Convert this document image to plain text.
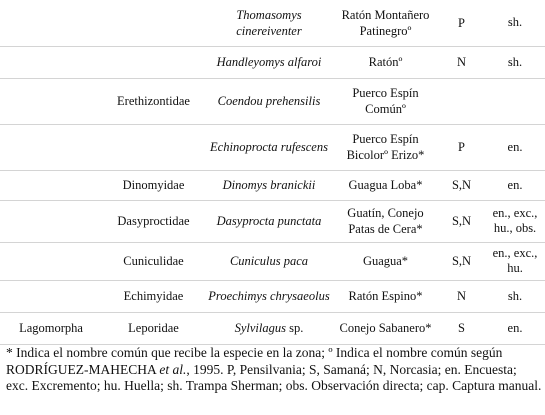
		Thomasomys
cinereiventer	Ratón Montañero
Patinegroº	P	sh.
		Handleyomys alfaroi	Ratónº	N	sh.
	Erethizontidae	Coendou prehensilis	Puerco Espín
Comúnº		
		Echinoprocta rufescens	Puerco Espín
Bicolorº Erizo*	P	en.
	Dinomyidae	Dinomys branickii	Guagua Loba*	S,N	en.
	Dasyproctidae	Dasyprocta punctata	Guatín, Conejo
Patas de Cera*	S,N	en., exc.,
hu., obs.
	Cuniculidae	Cuniculus paca	Guagua*	S,N	en., exc.,
hu.
	Echimyidae	Proechimys chrysaeolus	Ratón Espino*	N	sh.
Lagomorpha	Leporidae	Sylvilagus sp.	Conejo Sabanero*	S	en.

* Indica el nombre común que recibe la especie en la zona; º Indica el nombre común según RODRÍGUEZ-MAHECHA et al., 1995. P, Pensilvania; S, Samaná; N, Norcasia; en. Encuesta; exc. Excremento; hu. Huella; sh. Trampa Sherman; obs. Observación directa; cap. Captura manual.
